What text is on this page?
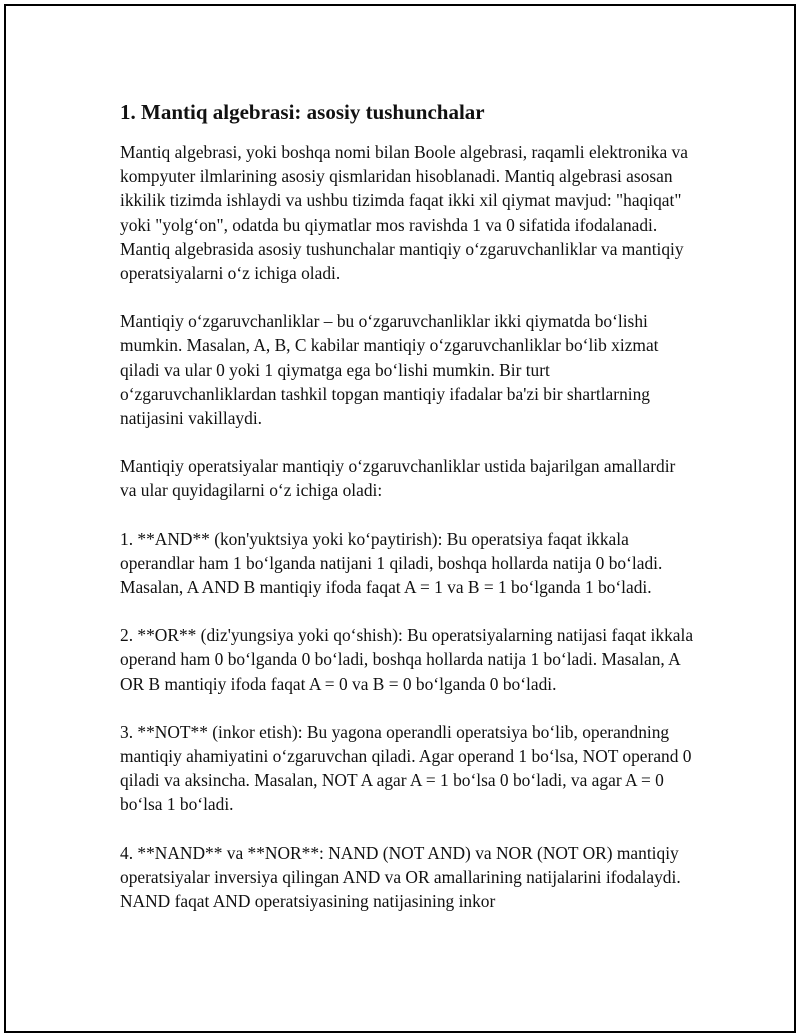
1. Mantiq algebrasi: asosiy tushunchalar

Mantiq algebrasi, yoki boshqa nomi bilan Boole algebrasi, raqamli elektronika va kompyuter ilmlarining asosiy qismlaridan hisoblanadi. Mantiq algebrasi asosan ikkilik tizimda ishlaydi va ushbu tizimda faqat ikki xil qiymat mavjud: "haqiqat" yoki "yolg‘on", odatda bu qiymatlar mos ravishda 1 va 0 sifatida ifodalanadi. Mantiq algebrasida asosiy tushunchalar mantiqiy o‘zgaruvchanliklar va mantiqiy operatsiyalarni o‘z ichiga oladi.

Mantiqiy o‘zgaruvchanliklar – bu o‘zgaruvchanliklar ikki qiymatda bo‘lishi mumkin. Masalan, A, B, C kabilar mantiqiy o‘zgaruvchanliklar bo‘lib xizmat qiladi va ular 0 yoki 1 qiymatga ega bo‘lishi mumkin. Bir turt o‘zgaruvchanliklardan tashkil topgan mantiqiy ifadalar ba'zi bir shartlarning natijasini vakillaydi.

Mantiqiy operatsiyalar mantiqiy o‘zgaruvchanliklar ustida bajarilgan amallardir va ular quyidagilarni o‘z ichiga oladi:

1. **AND** (kon'yuktsiya yoki ko‘paytirish): Bu operatsiya faqat ikkala operandlar ham 1 bo‘lganda natijani 1 qiladi, boshqa hollarda natija 0 bo‘ladi. Masalan, A AND B mantiqiy ifoda faqat A = 1 va B = 1 bo‘lganda 1 bo‘ladi.

2. **OR** (diz'yungsiya yoki qo‘shish): Bu operatsiyalarning natijasi faqat ikkala operand ham 0 bo‘lganda 0 bo‘ladi, boshqa hollarda natija 1 bo‘ladi. Masalan, A OR B mantiqiy ifoda faqat A = 0 va B = 0 bo‘lganda 0 bo‘ladi.

3. **NOT** (inkor etish): Bu yagona operandli operatsiya bo‘lib, operandning mantiqiy ahamiyatini o‘zgaruvchan qiladi. Agar operand 1 bo‘lsa, NOT operand 0 qiladi va aksincha. Masalan, NOT A agar A = 1 bo‘lsa 0 bo‘ladi, va agar A = 0 bo‘lsa 1 bo‘ladi.

4. **NAND** va **NOR**: NAND (NOT AND) va NOR (NOT OR) mantiqiy operatsiyalar inversiya qilingan AND va OR amallarining natijalarini ifodalaydi. NAND faqat AND operatsiyasining natijasining inkor
